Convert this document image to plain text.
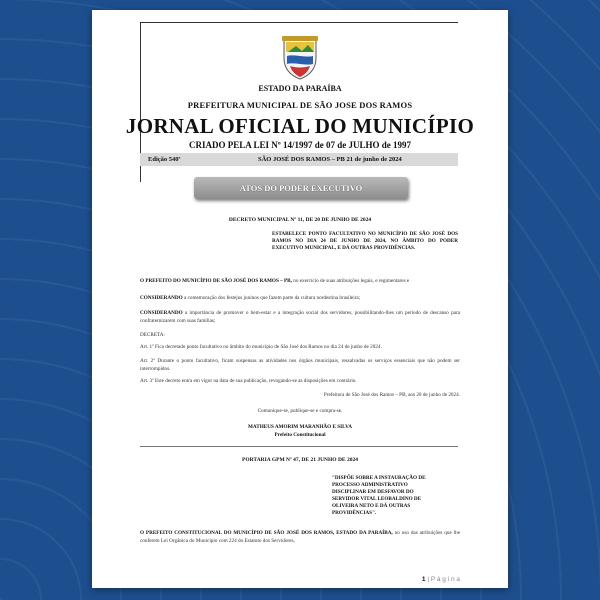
ESTADO DA PARAÍBA
PREFEITURA MUNICIPAL DE SÃO JOSE DOS RAMOS
JORNAL OFICIAL DO MUNICÍPIO
CRIADO PELA LEI Nº 14/1997 de 07 de JULHO de 1997
Edição 540ª	SÃO JOSÉ DOS RAMOS – PB 21 de junho de 2024
ATOS DO PODER EXECUTIVO
DECRETO MUNICIPAL Nº 11, DE 20 DE JUNHO DE 2024
ESTABELECE PONTO FACULTATIVO NO MUNICÍPIO DE SÃO JOSÉ DOS RAMOS NO DIA 24 DE JUNHO DE 2024, NO ÂMBITO DO PODER EXECUTIVO MUNICIPAL, E DÁ OUTRAS PROVIDÊNCIAS.
O PREFEITO DO MUNICÍPIO DE SÃO JOSÉ DOS RAMOS – PB, no exercício de suas atribuições legais, e regimentares e
CONSIDERANDO a comemoração dos festejos juninos que fazem parte da cultura nordestina brasileira;
CONSIDERANDO a importância de promover o bem-estar e a integração social dos servidores, possibilitando-lhes um período de descanso para confraternizarem com suas famílias;
DECRETA:
Art. 1º Fica decretado ponto facultativo no âmbito do município de São José dos Ramos no dia 24 de junho de 2024.
Art. 2º Durante o ponto facultativo, ficam suspensas as atividades nos órgãos municipais, ressalvadas os serviços essenciais que não podem ser interrompidos.
Art. 3º Este decreto entra em vigor na data de sua publicação, revogando-se as disposições em contrário.
Prefeitura de São José dos Ramos – PB, aos 20 de junho de 2024.
Comunique-se, publique-se e cumpra-se.
MATHEUS AMORIM MARANHÃO E SILVA
Prefeito Constitucional
PORTARIA GPM Nº 47, DE 21 JUNHO DE 2024
"DISPÕE SOBRE A INSTAURAÇÃO DE PROCESSO ADMINISTRATIVO DISCIPLINAR EM DESFAVOR DO SERVIDOR VITAL LEOBALDINO DE OLIVEIRA NETO E DÁ OUTRAS PROVIDÊNCIAS".
O PREFEITO CONSTITUCIONAL DO MUNICÍPIO DE SÃO JOSÉ DOS RAMOS, ESTADO DA PARAÍBA, no uso das atribuições que lhe conferem Lei Orgânica do Município com 224 do Estatuto dos Servidores,
1 | P á g i n a
